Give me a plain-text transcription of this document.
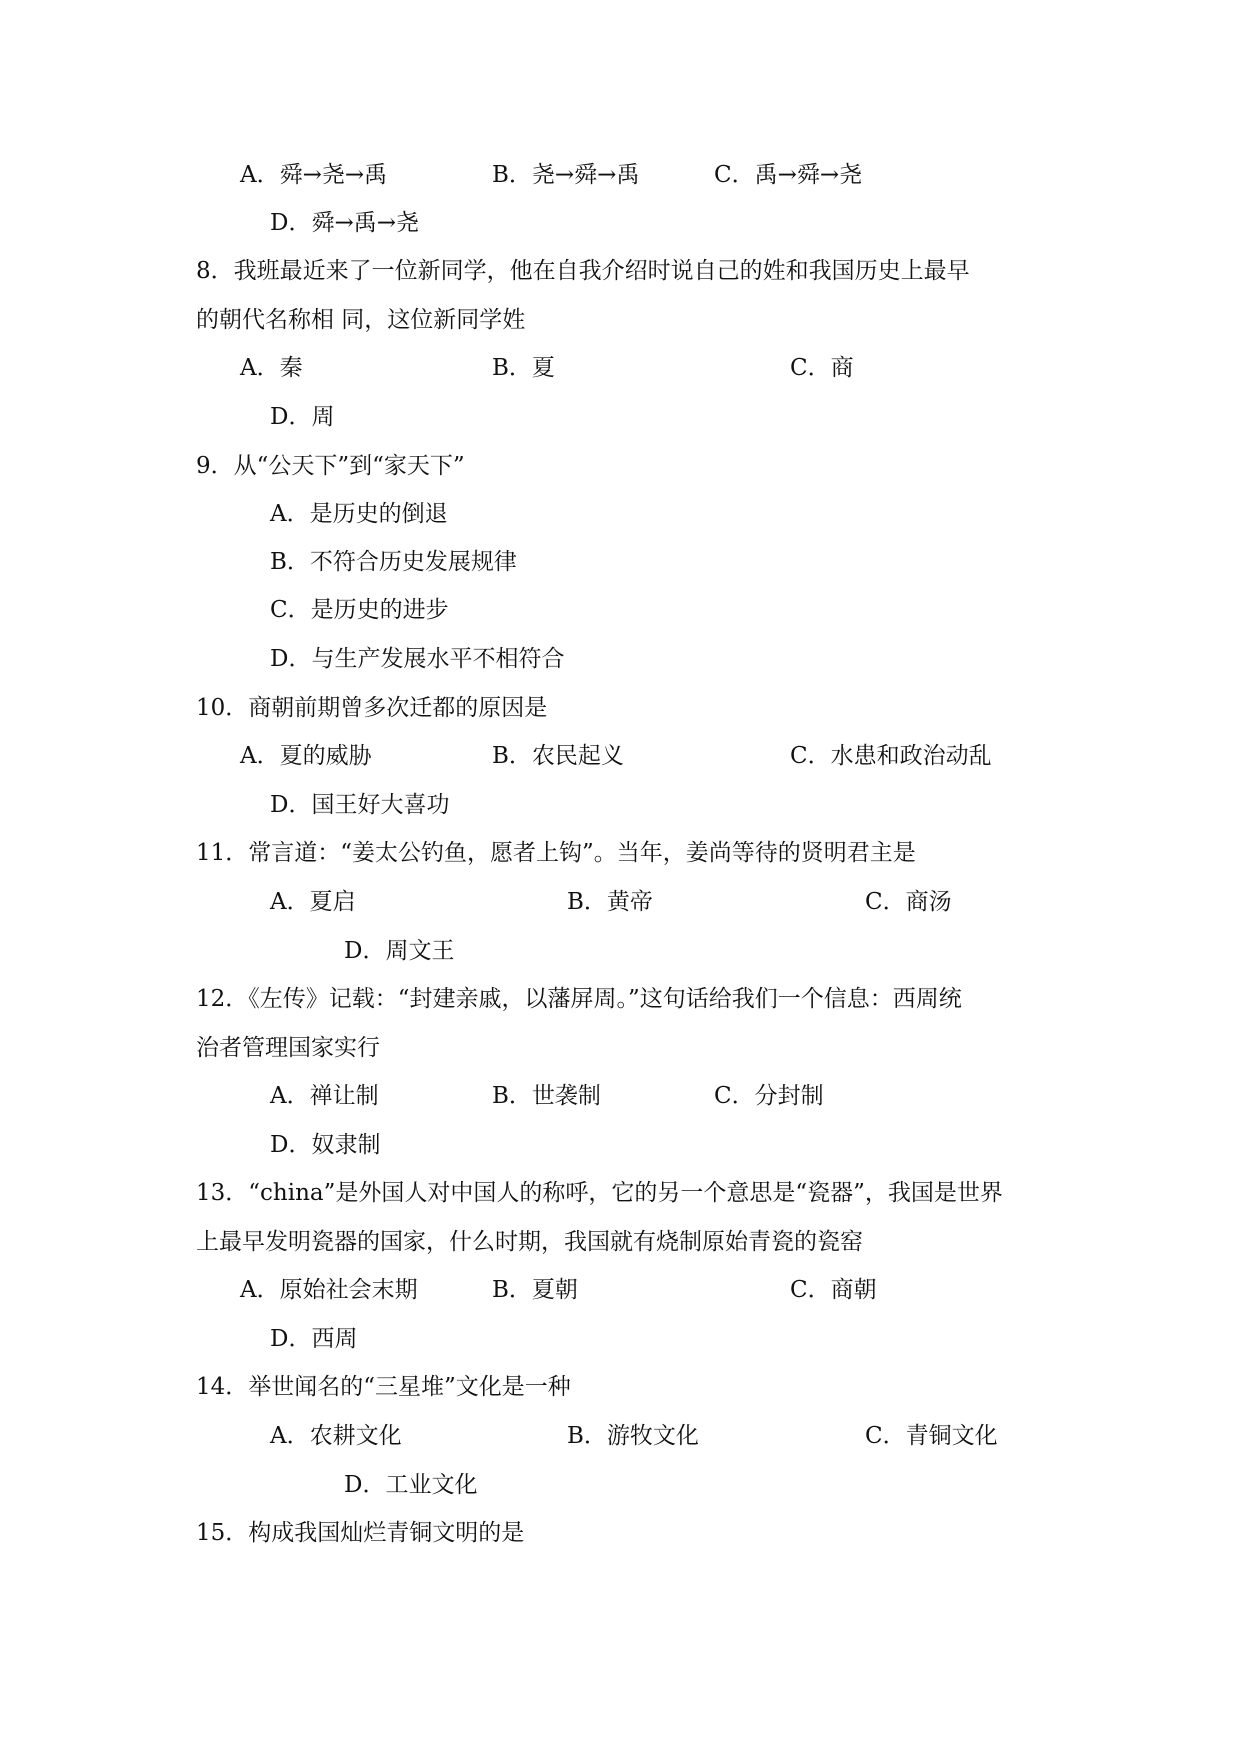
A．舜→尧→禹	B．尧→舜→禹	C．禹→舜→尧
D．舜→禹→尧
8．我班最近来了一位新同学，他在自我介绍时说自己的姓和我国历史上最早
的朝代名称相 同，这位新同学姓
A．秦	B．夏	C．商
D．周
9．从“公天下”到“家天下”
A．是历史的倒退
B．不符合历史发展规律
C．是历史的进步
D．与生产发展水平不相符合
10．商朝前期曾多次迁都的原因是
A．夏的威胁	B．农民起义	C．水患和政治动乱
D．国王好大喜功
11．常言道：“姜太公钓鱼，愿者上钩”。当年，姜尚等待的贤明君主是
A．夏启	B．黄帝	C．商汤
D．周文王
12．《左传》记载：“封建亲戚，以藩屏周。”这句话给我们一个信息：西周统
治者管理国家实行
A．禅让制	B．世袭制	C．分封制
D．奴隶制
13．“china”是外国人对中国人的称呼，它的另一个意思是“瓷器”，我国是世界
上最早发明瓷器的国家，什么时期，我国就有烧制原始青瓷的瓷窑
A．原始社会末期	B．夏朝	C．商朝
D．西周
14．举世闻名的“三星堆”文化是一种
A．农耕文化	B．游牧文化	C．青铜文化
D．工业文化
15．构成我国灿烂青铜文明的是
